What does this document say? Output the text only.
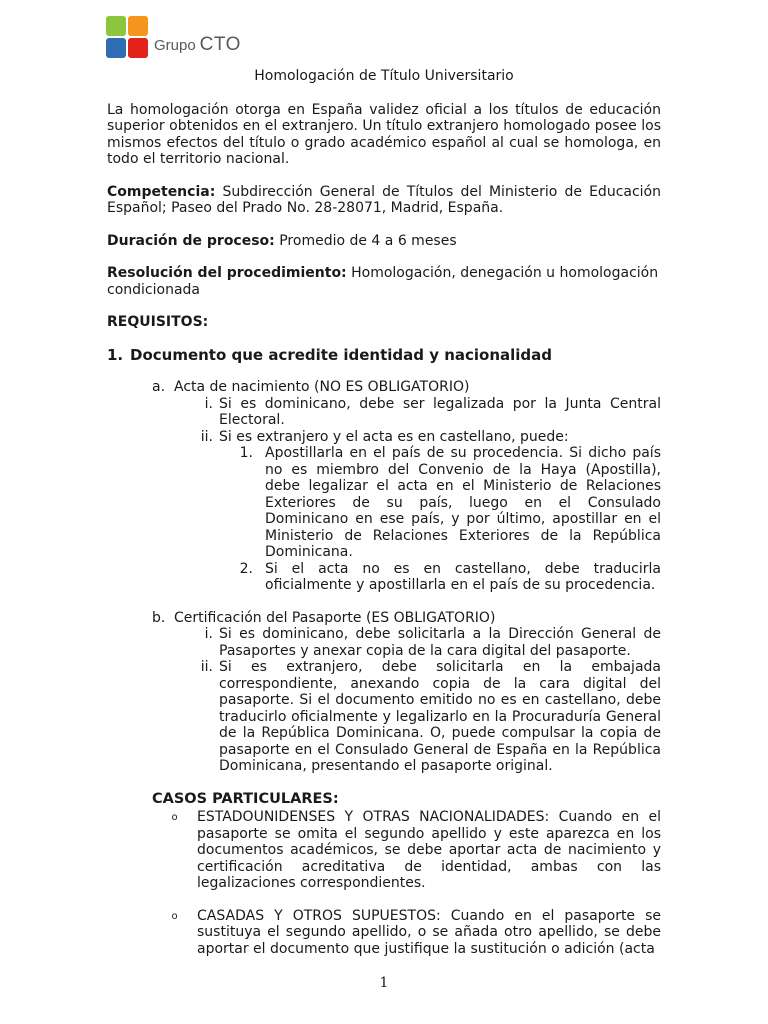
Grupo CTO
Homologación de Título Universitario

La homologación otorga en España validez oficial a los títulos de educación superior obtenidos en el extranjero. Un título extranjero homologado posee los mismos efectos del título o grado académico español al cual se homologa, en todo el territorio nacional.

Competencia: Subdirección General de Títulos del Ministerio de Educación Español; Paseo del Prado No. 28-28071, Madrid, España.

Duración de proceso: Promedio de 4 a 6 meses

Resolución del procedimiento: Homologación, denegación u homologación condicionada

REQUISITOS:
1. Documento que acredite identidad y nacionalidad
a. Acta de nacimiento (NO ES OBLIGATORIO)
i. Si es dominicano, debe ser legalizada por la Junta Central Electoral.
ii. Si es extranjero y el acta es en castellano, puede:
1. Apostillarla en el país de su procedencia. Si dicho país no es miembro del Convenio de la Haya (Apostilla), debe legalizar el acta en el Ministerio de Relaciones Exteriores de su país, luego en el Consulado Dominicano en ese país, y por último, apostillar en el Ministerio de Relaciones Exteriores de la República Dominicana.
2. Si el acta no es en castellano, debe traducirla oficialmente y apostillarla en el país de su procedencia.
b. Certificación del Pasaporte (ES OBLIGATORIO)
i. Si es dominicano, debe solicitarla a la Dirección General de Pasaportes y anexar copia de la cara digital del pasaporte.
ii. Si es extranjero, debe solicitarla en la embajada correspondiente, anexando copia de la cara digital del pasaporte. Si el documento emitido no es en castellano, debe traducirlo oficialmente y legalizarlo en la Procuraduría General de la República Dominicana. O, puede compulsar la copia de pasaporte en el Consulado General de España en la República Dominicana, presentando el pasaporte original.
CASOS PARTICULARES:
o	ESTADOUNIDENSES Y OTRAS NACIONALIDADES: Cuando en el pasaporte se omita el segundo apellido y este aparezca en los documentos académicos, se debe aportar acta de nacimiento y certificación acreditativa de identidad, ambas con las legalizaciones correspondientes.
o	CASADAS Y OTROS SUPUESTOS: Cuando en el pasaporte se sustituya el segundo apellido, o se añada otro apellido, se debe aportar el documento que justifique la sustitución o adición (acta
1
